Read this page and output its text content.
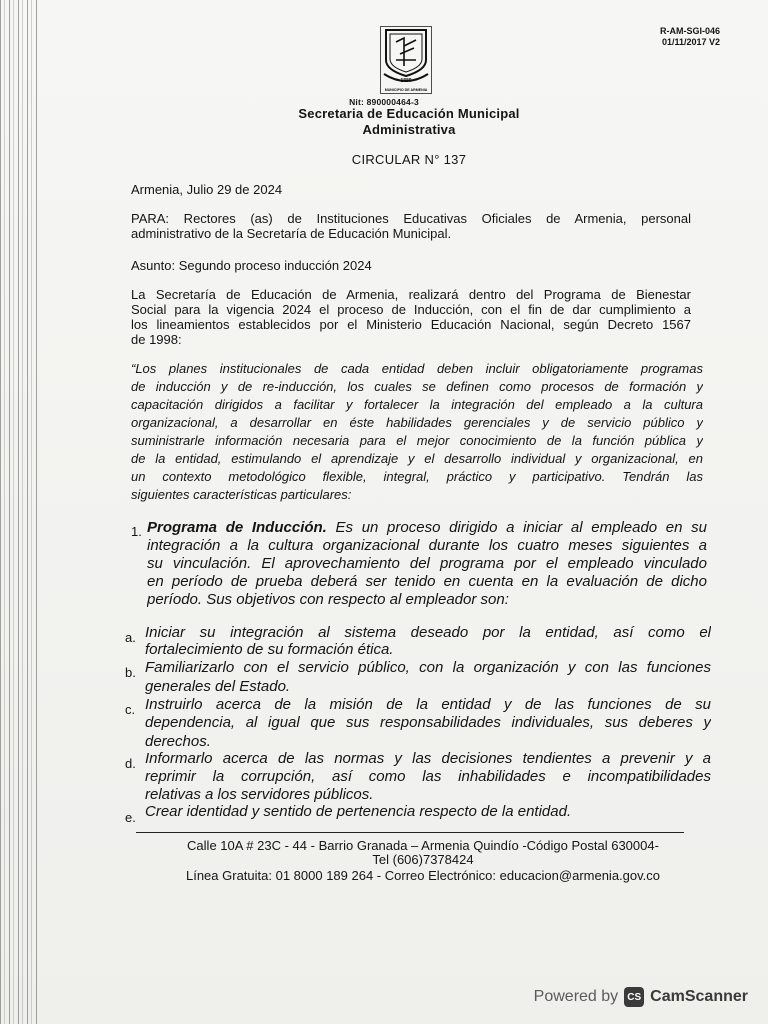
R-AM-SGI-046
01/11/2017 V2
1889
MUNICIPIO DE ARMENIA
Nit: 890000464-3
Secretaria de Educación Municipal
Administrativa
CIRCULAR N° 137
Armenia, Julio 29 de 2024
PARA: Rectores (as) de Instituciones Educativas Oficiales de Armenia, personal
administrativo de la Secretaría de Educación Municipal.
Asunto: Segundo proceso inducción 2024
La Secretaría de Educación de Armenia, realizará dentro del Programa de Bienestar
Social para la vigencia 2024 el proceso de Inducción, con el fin de dar cumplimiento a
los lineamientos establecidos por el Ministerio Educación Nacional, según Decreto 1567
de 1998:
“Los planes institucionales de cada entidad deben incluir obligatoriamente programas
de inducción y de re-inducción, los cuales se definen como procesos de formación y
capacitación dirigidos a facilitar y fortalecer la integración del empleado a la cultura
organizacional, a desarrollar en éste habilidades gerenciales y de servicio público y
suministrarle información necesaria para el mejor conocimiento de la función pública y
de la entidad, estimulando el aprendizaje y el desarrollo individual y organizacional, en
un contexto metodológico flexible, integral, práctico y participativo. Tendrán las
siguientes características particulares:
1. Programa de Inducción. Es un proceso dirigido a iniciar al empleado en su
integración a la cultura organizacional durante los cuatro meses siguientes a
su vinculación. El aprovechamiento del programa por el empleado vinculado
en período de prueba deberá ser tenido en cuenta en la evaluación de dicho
período. Sus objetivos con respecto al empleador son:
a. Iniciar su integración al sistema deseado por la entidad, así como el
fortalecimiento de su formación ética.
b. Familiarizarlo con el servicio público, con la organización y con las funciones
generales del Estado.
c. Instruirlo acerca de la misión de la entidad y de las funciones de su
dependencia, al igual que sus responsabilidades individuales, sus deberes y
derechos.
d. Informarlo acerca de las normas y las decisiones tendientes a prevenir y a
reprimir la corrupción, así como las inhabilidades e incompatibilidades
relativas a los servidores públicos.
e. Crear identidad y sentido de pertenencia respecto de la entidad.
Calle 10A # 23C - 44 - Barrio Granada – Armenia Quindío -Código Postal 630004-
Tel (606)7378424
Línea Gratuita: 01 8000 189 264 - Correo Electrónico: educacion@armenia.gov.co
Powered by CS CamScanner
